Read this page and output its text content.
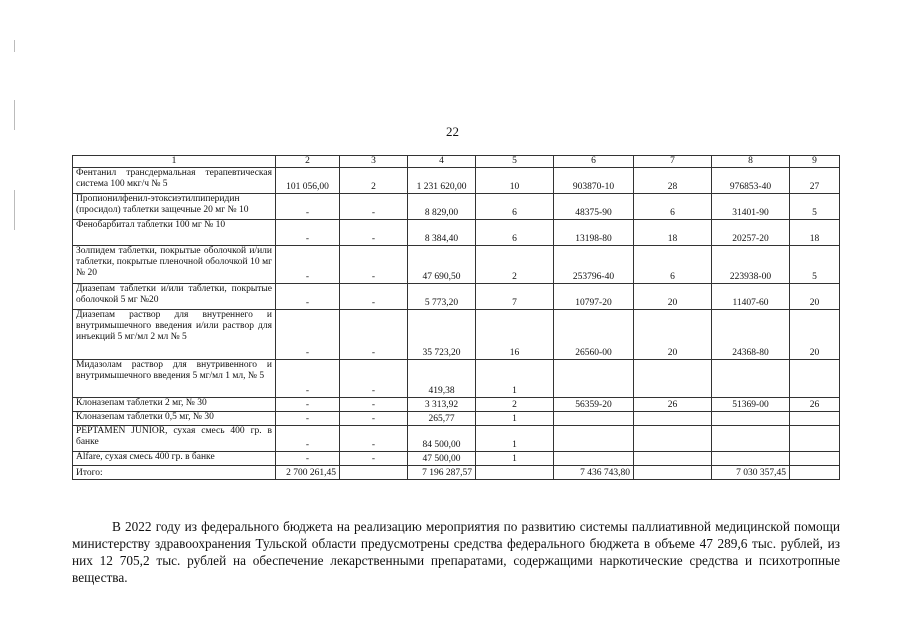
22
1	2	3	4	5	6	7	8	9
Фентанил трансдермальная терапевтическая система 100 мкг/ч № 5	101 056,00	2	1 231 620,00	10	903870-10	28	976853-40	27
Пропионилфенил-этоксиэтилпиперидин (просидол) таблетки защечные 20 мг № 10	-	-	8 829,00	6	48375-90	6	31401-90	5
Фенобарбитал таблетки 100 мг № 10	-	-	8 384,40	6	13198-80	18	20257-20	18
Золпидем таблетки, покрытые оболочкой и/или таблетки, покрытые пленочной оболочкой 10 мг № 20	-	-	47 690,50	2	253796-40	6	223938-00	5
Диазепам таблетки и/или таблетки, покрытые оболочкой 5 мг №20	-	-	5 773,20	7	10797-20	20	11407-60	20
Диазепам раствор для внутреннего и внутримышечного введения и/или раствор для инъекций 5 мг/мл 2 мл № 5	-	-	35 723,20	16	26560-00	20	24368-80	20
Мидазолам раствор для внутривенного и внутримышечного введения 5 мг/мл 1 мл, № 5	-	-	419,38	1				
Клоназепам таблетки 2 мг, № 30	-	-	3 313,92	2	56359-20	26	51369-00	26
Клоназепам таблетки 0,5 мг, № 30	-	-	265,77	1				
PEPTAMEN JUNIOR, сухая смесь 400 гр. в банке	-	-	84 500,00	1				
Alfare, сухая смесь 400 гр. в банке	-	-	47 500,00	1				
Итого:	2 700 261,45		7 196 287,57		7 436 743,80		7 030 357,45	
В 2022 году из федерального бюджета на реализацию мероприятия по развитию системы паллиативной медицинской помощи министерству здравоохранения Тульской области предусмотрены средства федерального бюджета в объеме 47 289,6 тыс. рублей, из них 12 705,2 тыс. рублей на обеспечение лекарственными препаратами, содержащими наркотические средства и психотропные вещества.
